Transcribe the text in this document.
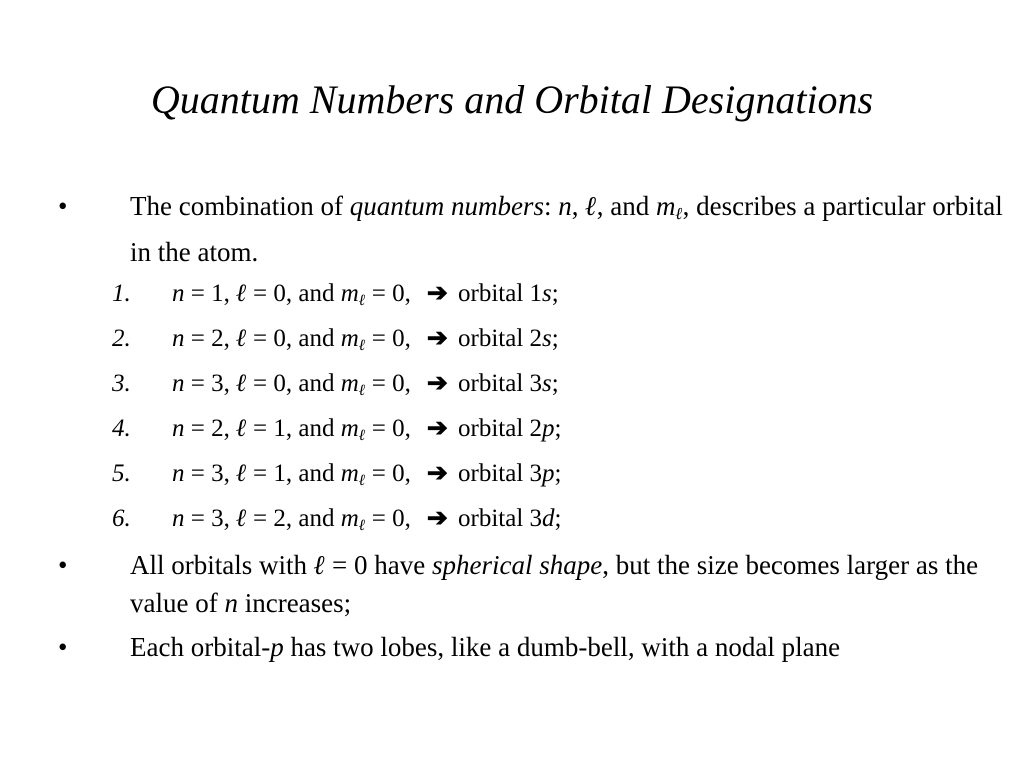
Quantum Numbers and Orbital Designations
•	The combination of quantum numbers: n, ℓ, and $m_\ell$, describes a particular orbital in the atom.
1. n = 1, ℓ = 0, and $m_\ell = 0$, ➔ orbital 1s;
2. n = 2, ℓ = 0, and $m_\ell = 0$, ➔ orbital 2s;
3. n = 3, ℓ = 0, and $m_\ell = 0$, ➔ orbital 3s;
4. n = 2, ℓ = 1, and $m_\ell = 0$, ➔ orbital 2p;
5. n = 3, ℓ = 1, and $m_\ell = 0$, ➔ orbital 3p;
6. n = 3, ℓ = 2, and $m_\ell = 0$, ➔ orbital 3d;
•	All orbitals with ℓ = 0 have spherical shape, but the size becomes larger as the value of n increases;
•	Each orbital-p has two lobes, like a dumb-bell, with a nodal plane
